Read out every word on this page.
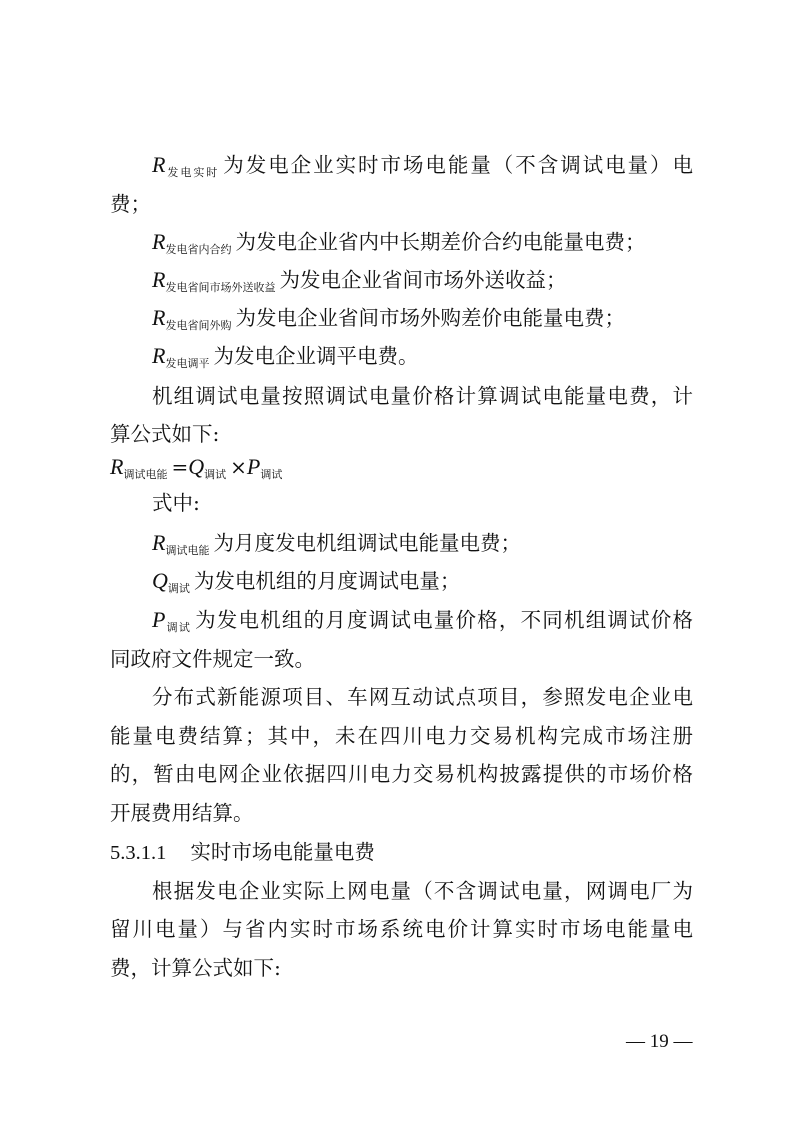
$R_{发电实时}$ 为发电企业实时市场电能量（不含调试电量）电
费；
$R_{发电省内合约}$ 为发电企业省内中长期差价合约电能量电费；
$R_{发电省间市场外送收益}$ 为发电企业省间市场外送收益；
$R_{发电省间外购}$ 为发电企业省间市场外购差价电能量电费；
$R_{发电调平}$ 为发电企业调平电费。
机组调试电量按照调试电量价格计算调试电能量电费，计
算公式如下:
$R_{调试电能} =Q_{调试} \times P_{调试}$
式中:
$R_{调试电能}$ 为月度发电机组调试电能量电费；
$Q_{调试}$ 为发电机组的月度调试电量；
$P_{调试}$ 为发电机组的月度调试电量价格，不同机组调试价格
同政府文件规定一致。
分布式新能源项目、车网互动试点项目，参照发电企业电
能量电费结算；其中，未在四川电力交易机构完成市场注册
的，暂由电网企业依据四川电力交易机构披露提供的市场价格
开展费用结算。
5.3.1.1 实时市场电能量电费
根据发电企业实际上网电量（不含调试电量，网调电厂为
留川电量）与省内实时市场系统电价计算实时市场电能量电
费，计算公式如下:
— 19 —
